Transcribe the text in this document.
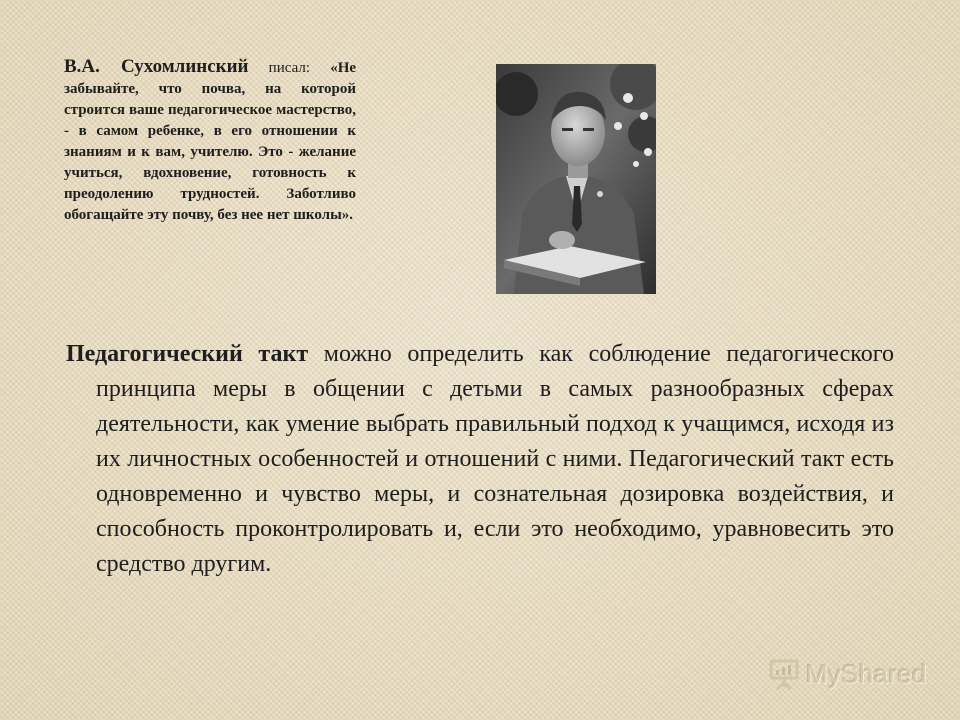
В.А. Сухомлинский писал: «Не забывайте, что почва, на которой строится ваше педагогическое мастерство, - в самом ребенке, в его отношении к знаниям и к вам, учителю. Это - желание учиться, вдохновение, готовность к преодолению трудностей. Заботливо обогащайте эту почву, без нее нет школы».
Педагогический такт можно определить как соблюдение педагогического принципа меры в общении с детьми в самых разнообразных сферах деятельности, как умение выбрать правильный подход к учащимся, исходя из их личностных особенностей и отношений с ними. Педагогический такт есть одновременно и чувство меры, и сознательная дозировка воздействия, и способность проконтролировать и, если это необходимо, уравновесить это средство другим.
MyShared
